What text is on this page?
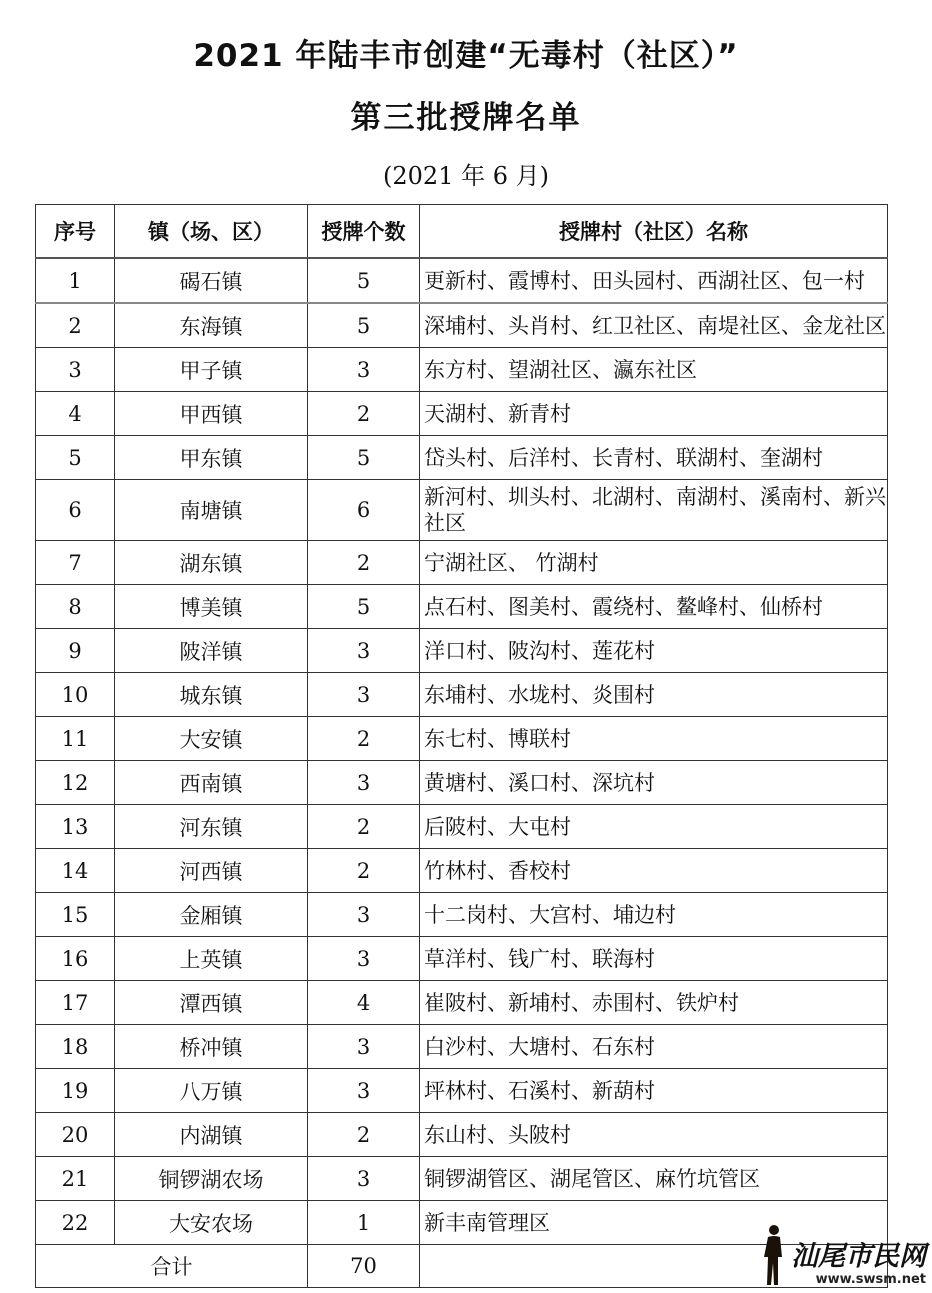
2021 年陆丰市创建“无毒村（社区）”
第三批授牌名单
(2021 年 6 月)
序号	镇（场、区）	授牌个数	授牌村（社区）名称
1	碣石镇	5	更新村、霞博村、田头园村、西湖社区、包一村
2	东海镇	5	深埔村、头肖村、红卫社区、南堤社区、金龙社区
3	甲子镇	3	东方村、望湖社区、瀛东社区
4	甲西镇	2	天湖村、新青村
5	甲东镇	5	岱头村、后洋村、长青村、联湖村、奎湖村
6	南塘镇	6	新河村、圳头村、北湖村、南湖村、溪南村、新兴社区
7	湖东镇	2	宁湖社区、 竹湖村
8	博美镇	5	点石村、图美村、霞绕村、鳌峰村、仙桥村
9	陂洋镇	3	洋口村、陂沟村、莲花村
10	城东镇	3	东埔村、水垅村、炎围村
11	大安镇	2	东七村、博联村
12	西南镇	3	黄塘村、溪口村、深坑村
13	河东镇	2	后陂村、大屯村
14	河西镇	2	竹林村、香校村
15	金厢镇	3	十二岗村、大宫村、埔边村
16	上英镇	3	草洋村、钱广村、联海村
17	潭西镇	4	崔陂村、新埔村、赤围村、铁炉村
18	桥冲镇	3	白沙村、大塘村、石东村
19	八万镇	3	坪林村、石溪村、新葫村
20	内湖镇	2	东山村、头陂村
21	铜锣湖农场	3	铜锣湖管区、湖尾管区、麻竹坑管区
22	大安农场	1	新丰南管理区
合计		70		汕尾市民网
www.swsm.net
